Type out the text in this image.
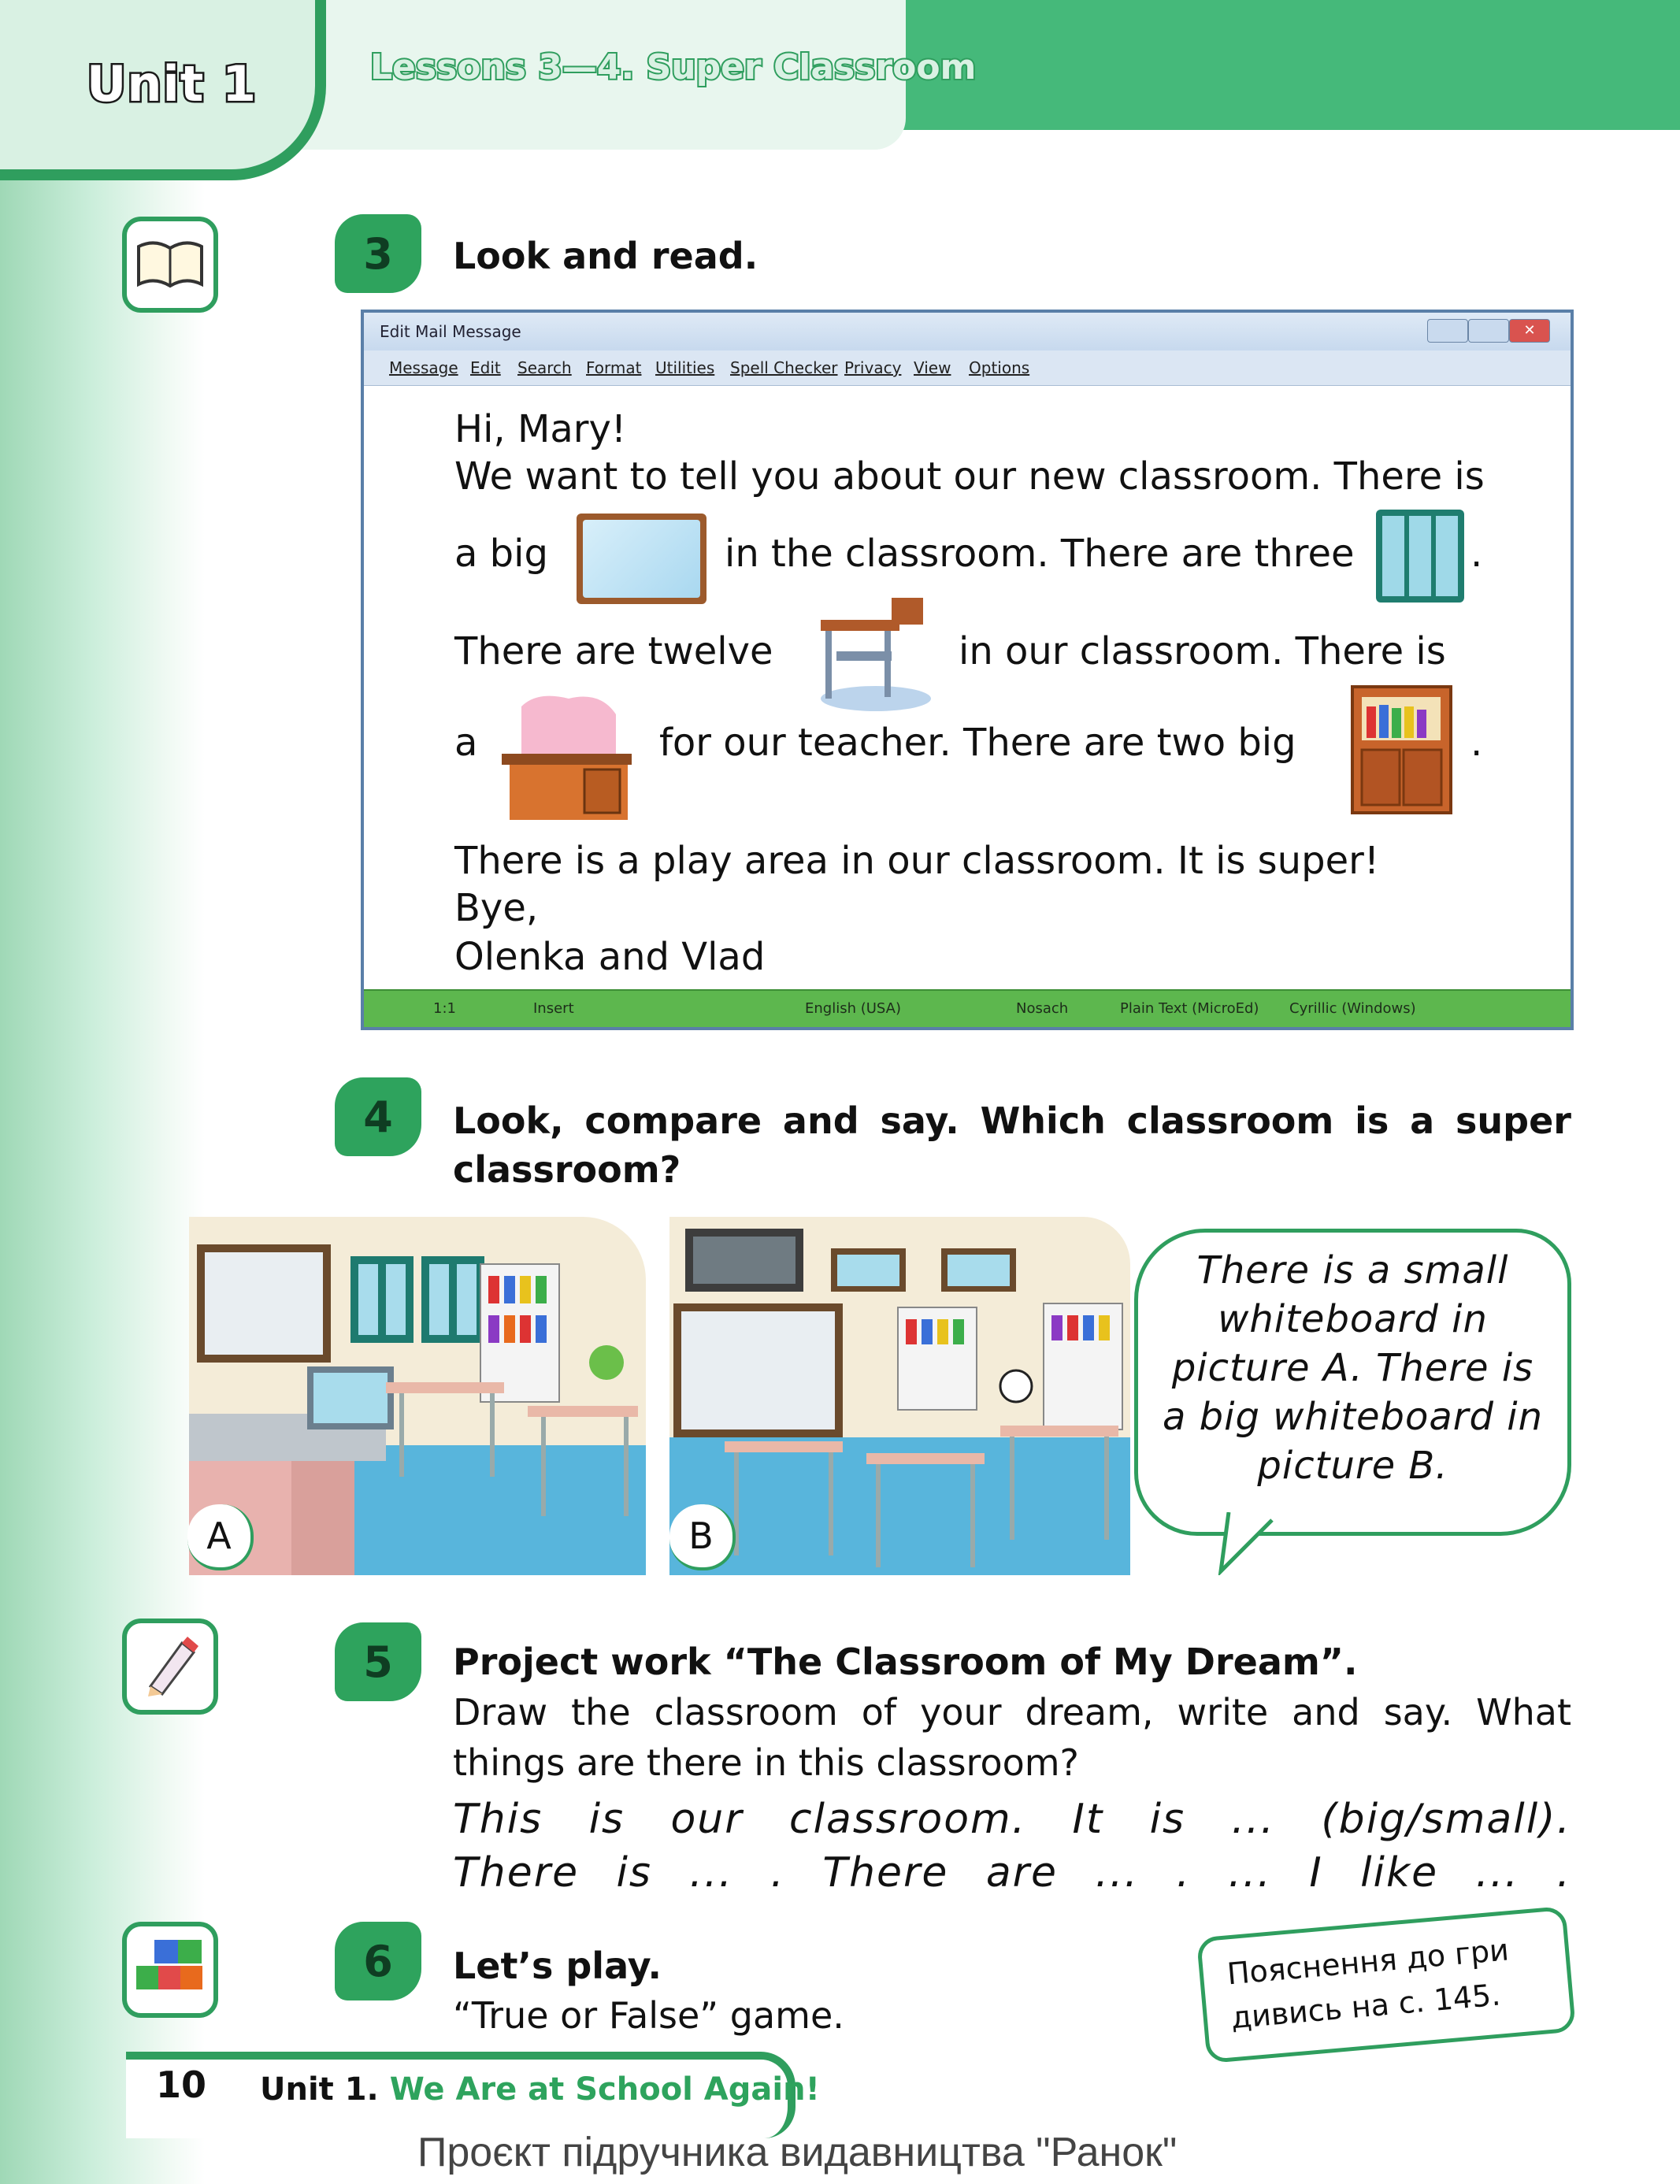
Unit 1	Lessons 3—4. Super Classroom
3 Look and read.
Edit Mail Message	✕
Message Edit Search Format Utilities Spell Checker Privacy View Options
Hi, Mary!
We want to tell you about our new classroom. There is
a big	in the classroom. There are three	.
There are twelve	in our classroom. There is
a	for our teacher. There are two big	.
There is a play area in our classroom. It is super!
Bye,
Olenka and Vlad
1:1	Insert	English (USA)	Nosach	Plain Text (MicroEd) Cyrillic (Windows)
4 Look, compare and say. Which classroom is a super
classroom?
A	B
There is a small
whiteboard in
picture A. There is
a big whiteboard in
picture B.
5 Project work “The Classroom of My Dream”.
Draw the classroom of your dream, write and say. What
things are there in this classroom?
This  is  our  classroom.  It  is  ...  (big/small).
There  is  ...  .  There  are  ...  .  ...  I  like  ...  .
6 Let’s play.
“True or False” game.
Пояснення до гри
дивись на с. 145.
10 Unit 1. We Are at School Again!
Проєкт підручника видавництва "Ранок"
